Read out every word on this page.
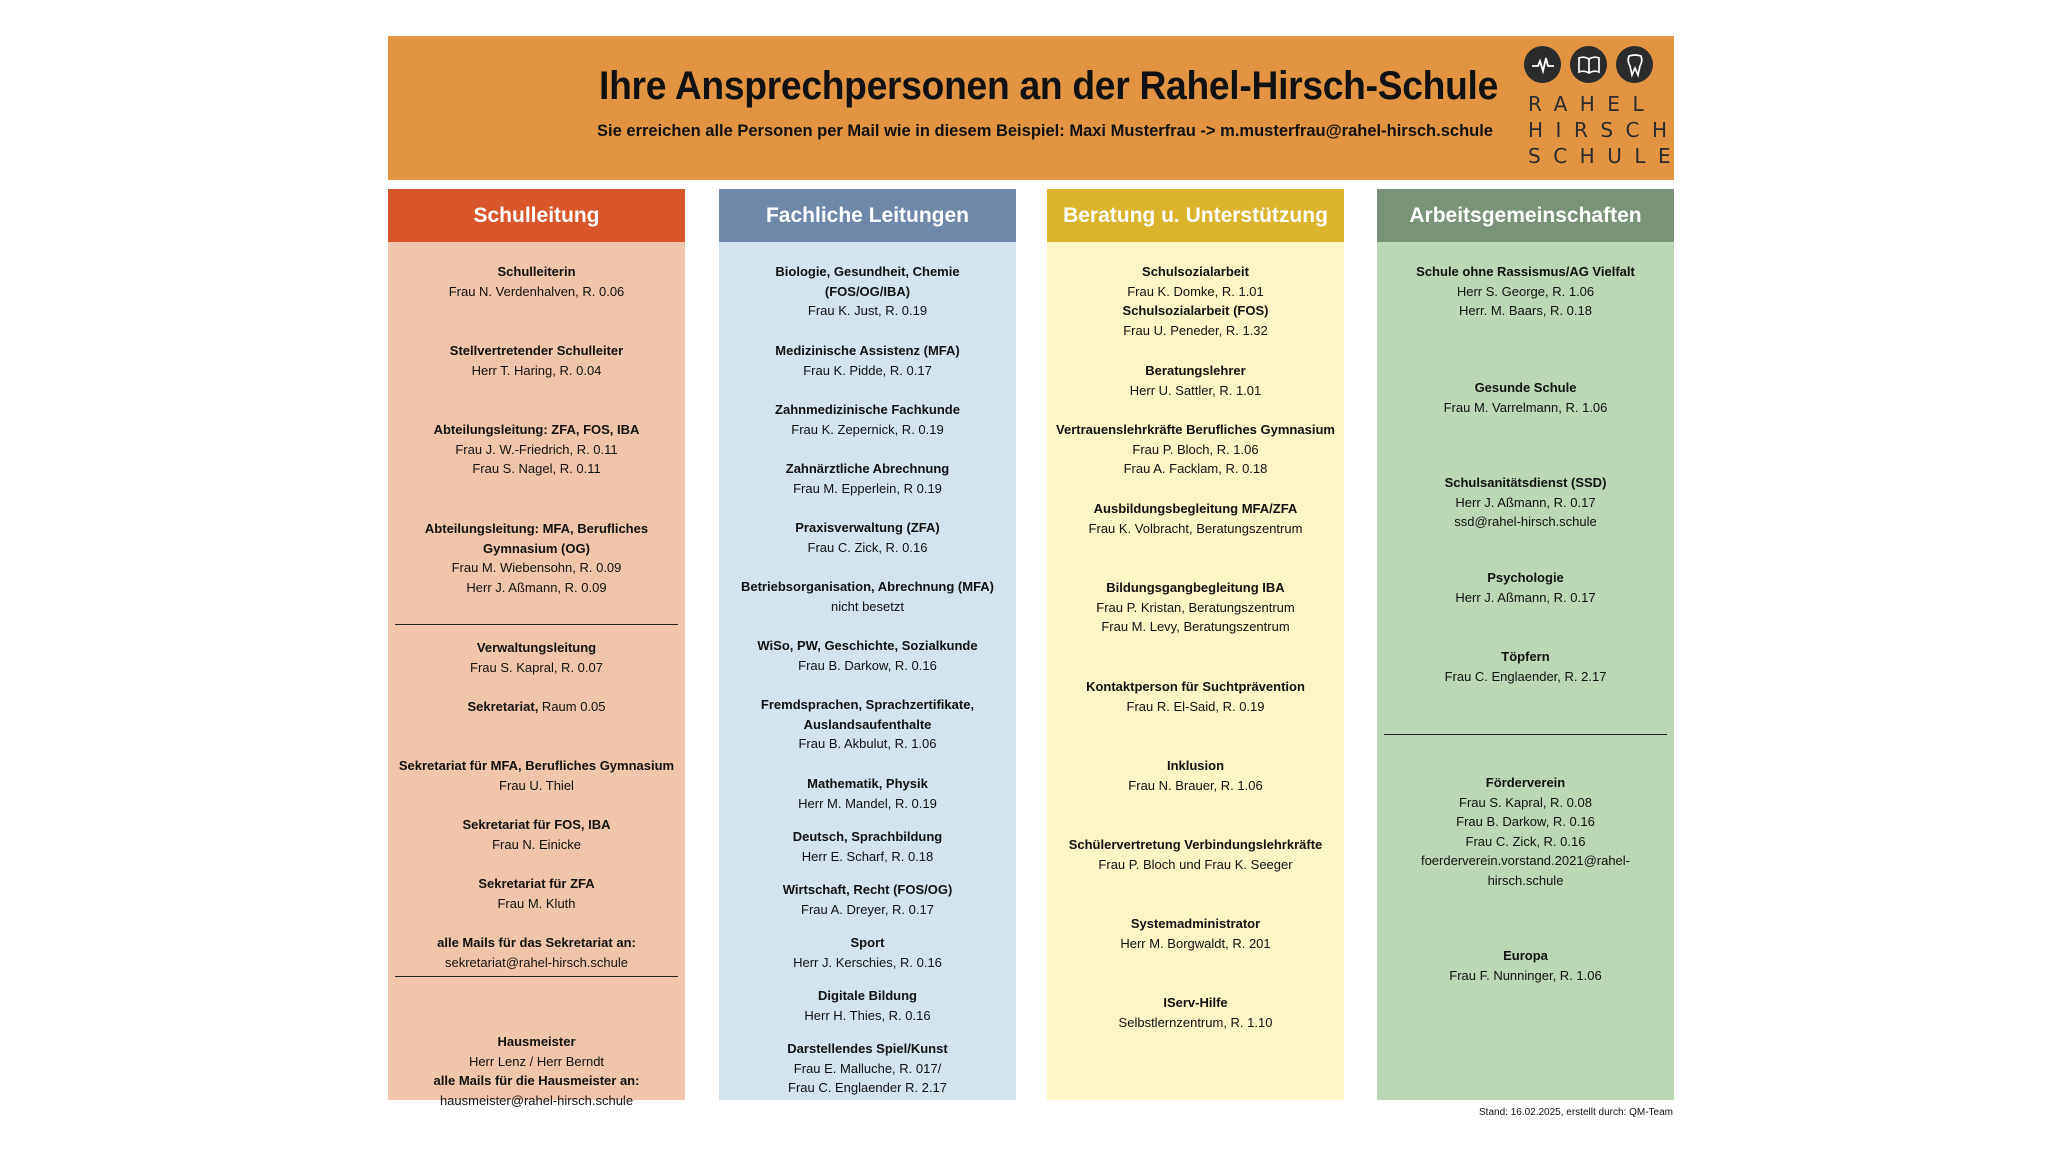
Ihre Ansprechpersonen an der Rahel-Hirsch-Schule
Sie erreichen alle Personen per Mail wie in diesem Beispiel: Maxi Musterfrau -> m.musterfrau@rahel-hirsch.schule
RAHEL
HIRSCH
SCHULE
Schulleitung
Schulleiterin
Frau N. Verdenhalven, R. 0.06
Stellvertretender Schulleiter
Herr T. Haring, R. 0.04
Abteilungsleitung: ZFA, FOS, IBA
Frau J. W.-Friedrich, R. 0.11
Frau S. Nagel, R. 0.11
Abteilungsleitung: MFA, Berufliches
Gymnasium (OG)
Frau M. Wiebensohn, R. 0.09
Herr J. Aßmann, R. 0.09
Verwaltungsleitung
Frau S. Kapral, R. 0.07
Sekretariat, Raum 0.05
Sekretariat für MFA, Berufliches Gymnasium
Frau U. Thiel
Sekretariat für FOS, IBA
Frau N. Einicke
Sekretariat für ZFA
Frau M. Kluth
alle Mails für das Sekretariat an:
sekretariat@rahel-hirsch.schule
Hausmeister
Herr Lenz / Herr Berndt
alle Mails für die Hausmeister an:
hausmeister@rahel-hirsch.schule
Fachliche Leitungen
Biologie, Gesundheit, Chemie
(FOS/OG/IBA)
Frau K. Just, R. 0.19
Medizinische Assistenz (MFA)
Frau K. Pidde, R. 0.17
Zahnmedizinische Fachkunde
Frau K. Zepernick, R. 0.19
Zahnärztliche Abrechnung
Frau M. Epperlein, R 0.19
Praxisverwaltung (ZFA)
Frau C. Zick, R. 0.16
Betriebsorganisation, Abrechnung (MFA)
nicht besetzt
WiSo, PW, Geschichte, Sozialkunde
Frau B. Darkow, R. 0.16
Fremdsprachen, Sprachzertifikate,
Auslandsaufenthalte
Frau B. Akbulut, R. 1.06
Mathematik, Physik
Herr M. Mandel, R. 0.19
Deutsch, Sprachbildung
Herr E. Scharf, R. 0.18
Wirtschaft, Recht (FOS/OG)
Frau A. Dreyer, R. 0.17
Sport
Herr J. Kerschies, R. 0.16
Digitale Bildung
Herr H. Thies, R. 0.16
Darstellendes Spiel/Kunst
Frau E. Malluche, R. 017/
Frau C. Englaender R. 2.17
Beratung u. Unterstützung
Schulsozialarbeit
Frau K. Domke, R. 1.01
Schulsozialarbeit (FOS)
Frau U. Peneder, R. 1.32
Beratungslehrer
Herr U. Sattler, R. 1.01
Vertrauenslehrkräfte Berufliches Gymnasium
Frau P. Bloch, R. 1.06
Frau A. Facklam, R. 0.18
Ausbildungsbegleitung MFA/ZFA
Frau K. Volbracht, Beratungszentrum
Bildungsgangbegleitung IBA
Frau P. Kristan, Beratungszentrum
Frau M. Levy, Beratungszentrum
Kontaktperson für Suchtprävention
Frau R. El-Said, R. 0.19
Inklusion
Frau N. Brauer, R. 1.06
Schülervertretung Verbindungslehrkräfte
Frau P. Bloch und Frau K. Seeger
Systemadministrator
Herr M. Borgwaldt, R. 201
IServ-Hilfe
Selbstlernzentrum, R. 1.10
Arbeitsgemeinschaften
Schule ohne Rassismus/AG Vielfalt
Herr S. George, R. 1.06
Herr. M. Baars, R. 0.18
Gesunde Schule
Frau M. Varrelmann, R. 1.06
Schulsanitätsdienst (SSD)
Herr J. Aßmann, R. 0.17
ssd@rahel-hirsch.schule
Psychologie
Herr J. Aßmann, R. 0.17
Töpfern
Frau C. Englaender, R. 2.17
Förderverein
Frau S. Kapral, R. 0.08
Frau B. Darkow, R. 0.16
Frau C. Zick, R. 0.16
foerderverein.vorstand.2021@rahel-
hirsch.schule
Europa
Frau F. Nunninger, R. 1.06
Stand: 16.02.2025, erstellt durch: QM-Team
